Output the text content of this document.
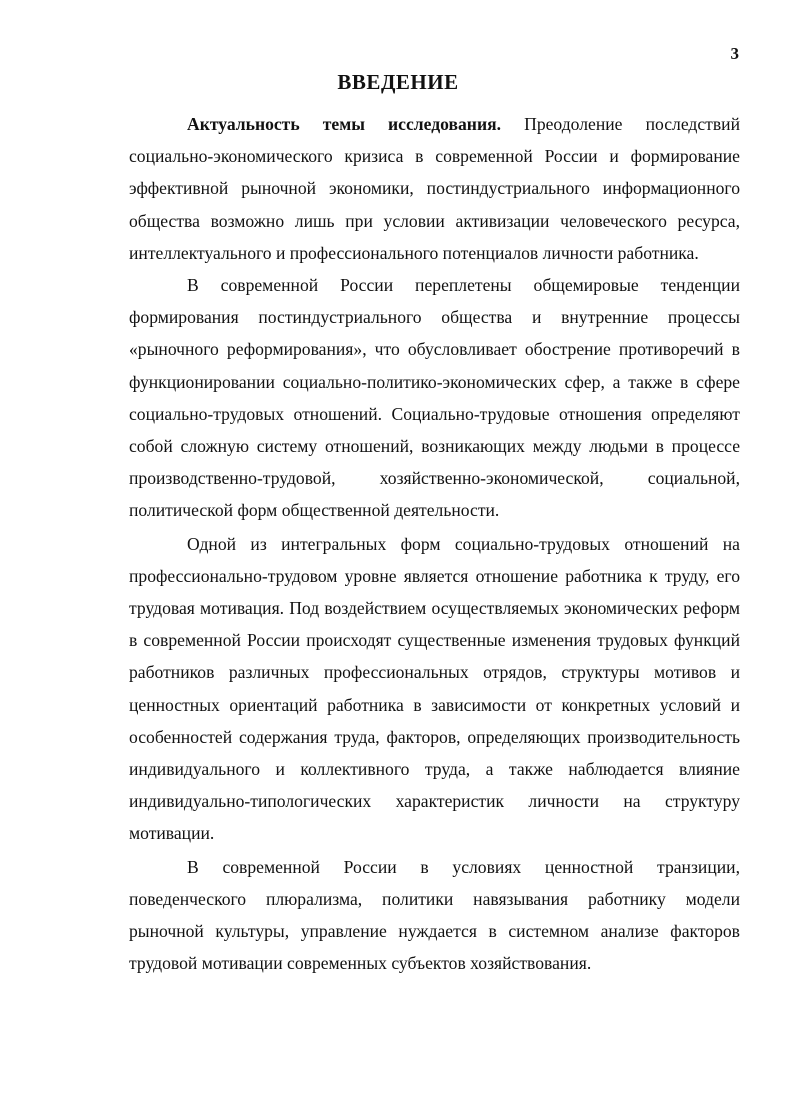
3
ВВЕДЕНИЕ

Актуальность темы исследования. Преодоление последствий социально-экономического кризиса в современной России и формирование эффективной рыночной экономики, постиндустриального информационного общества возможно лишь при условии активизации человеческого ресурса, интеллектуального и профессионального потенциалов личности работника.

В современной России переплетены общемировые тенденции формирования постиндустриального общества и внутренние процессы «рыночного реформирования», что обусловливает обострение противоречий в функционировании социально-политико-экономических сфер, а также в сфере социально-трудовых отношений. Социально-трудовые отношения определяют собой сложную систему отношений, возникающих между людьми в процессе производственно-трудовой, хозяйственно-экономической, социальной, политической форм общественной деятельности.

Одной из интегральных форм социально-трудовых отношений на профессионально-трудовом уровне является отношение работника к труду, его трудовая мотивация. Под воздействием осуществляемых экономических реформ в современной России происходят существенные изменения трудовых функций работников различных профессиональных отрядов, структуры мотивов и ценностных ориентаций работника в зависимости от конкретных условий и особенностей содержания труда, факторов, определяющих производительность индивидуального и коллективного труда, а также наблюдается влияние индивидуально-типологических характеристик личности на структуру мотивации.

В современной России в условиях ценностной транзиции, поведенческого плюрализма, политики навязывания работнику модели рыночной культуры, управление нуждается в системном анализе факторов трудовой мотивации современных субъектов хозяйствования.
